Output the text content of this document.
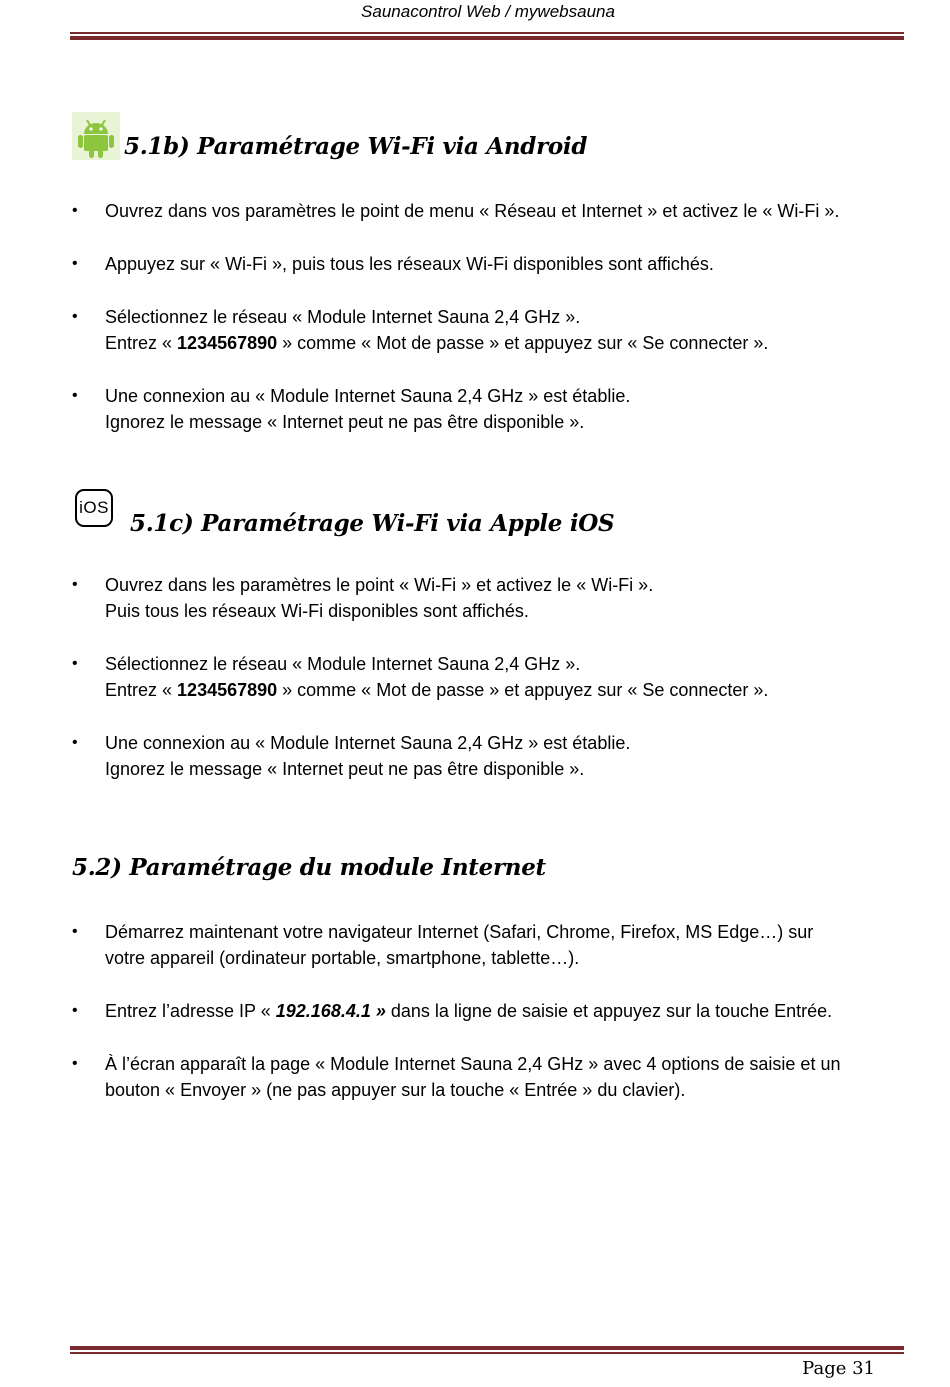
Saunacontrol Web / mywebsauna
5.1b) Paramétrage Wi-Fi via Android
• Ouvrez dans vos paramètres le point de menu « Réseau et Internet » et activez le « Wi-Fi ».
• Appuyez sur « Wi-Fi », puis tous les réseaux Wi-Fi disponibles sont affichés.
• Sélectionnez le réseau « Module Internet Sauna 2,4 GHz ».
Entrez « 1234567890 » comme « Mot de passe » et appuyez sur « Se connecter ».
• Une connexion au « Module Internet Sauna 2,4 GHz » est établie.
Ignorez le message « Internet peut ne pas être disponible ».
iOS
5.1c) Paramétrage Wi-Fi via Apple iOS
• Ouvrez dans les paramètres le point « Wi-Fi » et activez le « Wi-Fi ».
Puis tous les réseaux Wi-Fi disponibles sont affichés.
• Sélectionnez le réseau « Module Internet Sauna 2,4 GHz ».
Entrez « 1234567890 » comme « Mot de passe » et appuyez sur « Se connecter ».
• Une connexion au « Module Internet Sauna 2,4 GHz » est établie.
Ignorez le message « Internet peut ne pas être disponible ».
5.2) Paramétrage du module Internet
• Démarrez maintenant votre navigateur Internet (Safari, Chrome, Firefox, MS Edge…) sur
votre appareil (ordinateur portable, smartphone, tablette…).
• Entrez l’adresse IP « 192.168.4.1 » dans la ligne de saisie et appuyez sur la touche Entrée.
• À l’écran apparaît la page « Module Internet Sauna 2,4 GHz » avec 4 options de saisie et un
bouton « Envoyer » (ne pas appuyer sur la touche « Entrée » du clavier).
Page 31
